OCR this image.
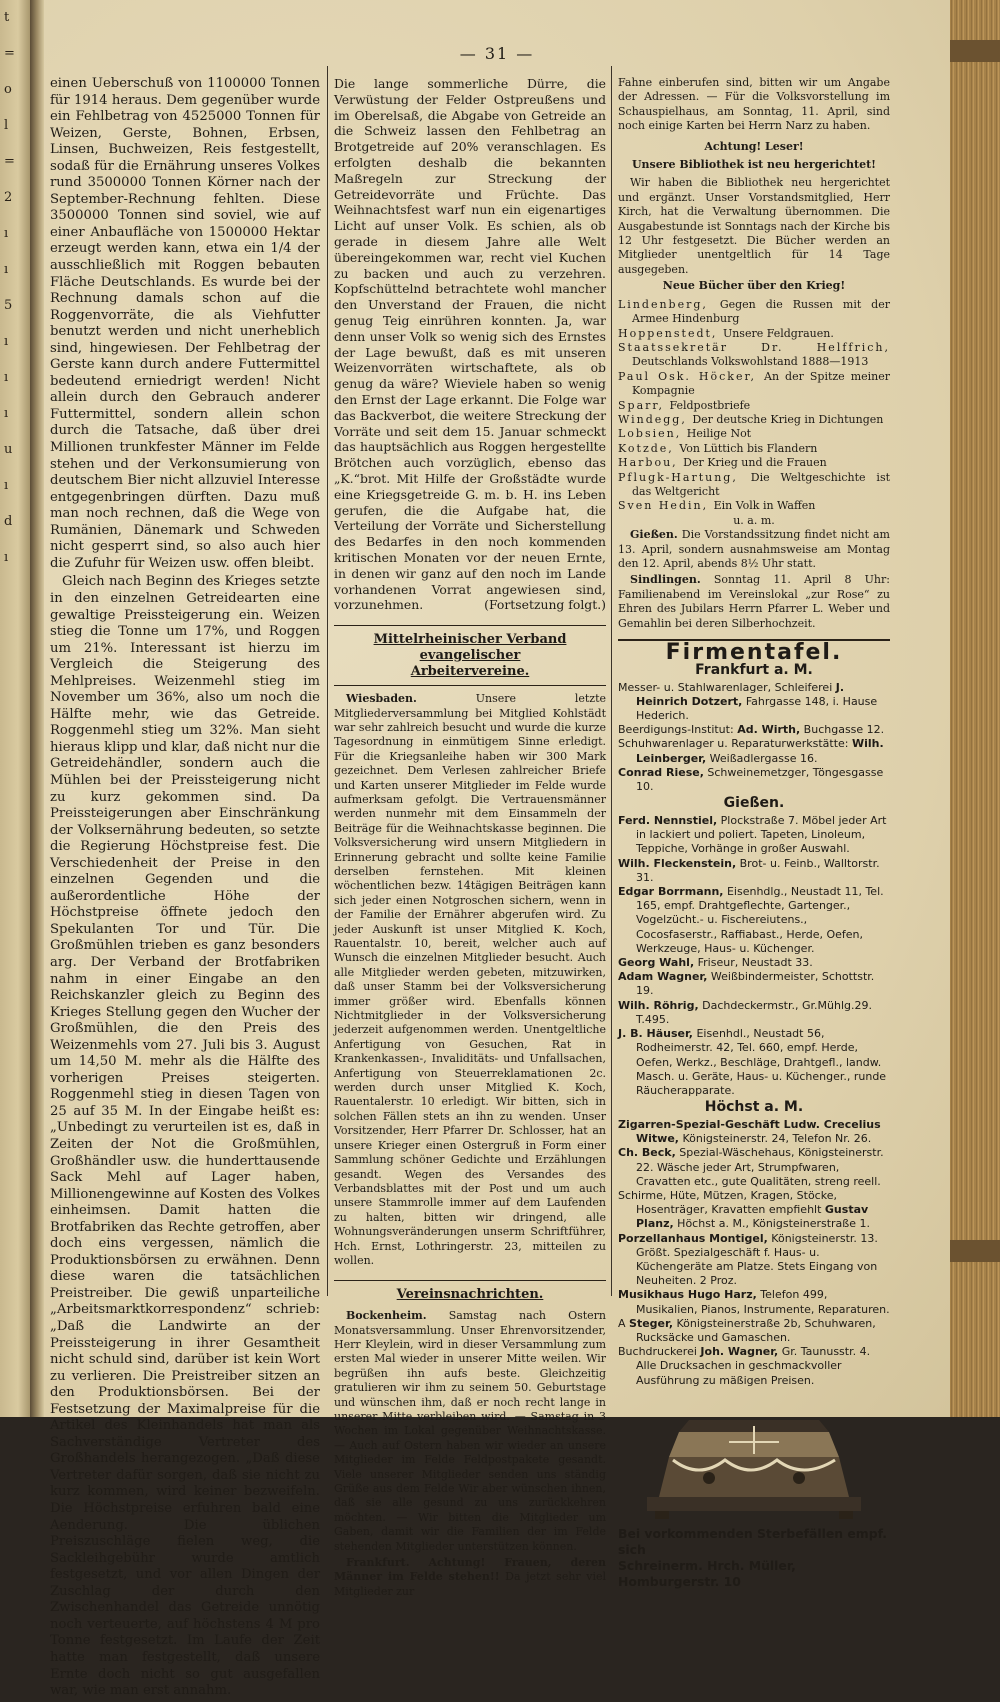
t
=
o
l
=
2
ı
ı
5
ı
ı
ı
u
ı
d
ı
— 31 —

einen Ueberschuß von 1100000 Tonnen für 1914 heraus. Dem gegenüber wurde ein Fehlbetrag von 4525000 Tonnen für Weizen, Gerste, Bohnen, Erbsen, Linsen, Buchweizen, Reis festgestellt, sodaß für die Ernährung unseres Volkes rund 3500000 Tonnen Körner nach der September-Rechnung fehlten. Diese 3500000 Tonnen sind soviel, wie auf einer Anbaufläche von 1500000 Hektar erzeugt werden kann, etwa ein 1/4 der ausschließlich mit Roggen bebauten Fläche Deutschlands. Es wurde bei der Rechnung damals schon auf die Roggenvorräte, die als Viehfutter benutzt werden und nicht unerheblich sind, hingewiesen. Der Fehlbetrag der Gerste kann durch andere Futtermittel bedeutend erniedrigt werden! Nicht allein durch den Gebrauch anderer Futtermittel, sondern allein schon durch die Tatsache, daß über drei Millionen trunkfester Männer im Felde stehen und der Verkonsumierung von deutschem Bier nicht allzuviel Interesse entgegenbringen dürften. Dazu muß man noch rechnen, daß die Wege von Rumänien, Dänemark und Schweden nicht gesperrt sind, so also auch hier die Zufuhr für Weizen usw. offen bleibt.

Gleich nach Beginn des Krieges setzte in den einzelnen Getreidearten eine gewaltige Preissteigerung ein. Weizen stieg die Tonne um 17%, und Roggen um 21%. Interessant ist hierzu im Vergleich die Steigerung des Mehlpreises. Weizenmehl stieg im November um 36%, also um noch die Hälfte mehr, wie das Getreide. Roggenmehl stieg um 32%. Man sieht hieraus klipp und klar, daß nicht nur die Getreidehändler, sondern auch die Mühlen bei der Preissteigerung nicht zu kurz gekommen sind. Da Preissteigerungen aber Einschränkung der Volksernährung bedeuten, so setzte die Regierung Höchstpreise fest. Die Verschiedenheit der Preise in den einzelnen Gegenden und die außerordentliche Höhe der Höchstpreise öffnete jedoch den Spekulanten Tor und Tür. Die Großmühlen trieben es ganz besonders arg. Der Verband der Brotfabriken nahm in einer Eingabe an den Reichskanzler gleich zu Beginn des Krieges Stellung gegen den Wucher der Großmühlen, die den Preis des Weizenmehls vom 27. Juli bis 3. August um 14,50 M. mehr als die Hälfte des vorherigen Preises steigerten. Roggenmehl stieg in diesen Tagen von 25 auf 35 M. In der Eingabe heißt es: „Unbedingt zu verurteilen ist es, daß in Zeiten der Not die Großmühlen, Großhändler usw. die hunderttausende Sack Mehl auf Lager haben, Millionengewinne auf Kosten des Volkes einheimsen. Damit hatten die Brotfabriken das Rechte getroffen, aber doch eins vergessen, nämlich die Produktionsbörsen zu erwähnen. Denn diese waren die tatsächlichen Preistreiber. Die gewiß unparteiliche „Arbeitsmarktkorrespondenz“ schrieb: „Daß die Landwirte an der Preissteigerung in ihrer Gesamtheit nicht schuld sind, darüber ist kein Wort zu verlieren. Die Preistreiber sitzen an den Produktionsbörsen. Bei der Festsetzung der Maximalpreise für die Artikel des Kleinhandels hat man als Sachverständige Vertreter des Großhandels herangezogen. „Daß diese Vertreter dafür sorgen, daß sie nicht zu kurz kommen, wird keiner bezweifeln. Die Höchstpreise erfuhren bald eine Aenderung. Die üblichen Preiszuschläge fielen weg, die Sackleihgebühr wurde amtlich festgesetzt, und vor allen Dingen der Zuschlag der durch den Zwischenhandel das Getreide unnötig noch verteuerte, auf höchstens 4 M pro Tonne festgesetzt. Im Laufe der Zeit hatte man festgestellt, daß unsere Ernte doch nicht so gut ausgefallen war, wie man erst annahm.

Die lange sommerliche Dürre, die Verwüstung der Felder Ostpreußens und im Oberelsaß, die Abgabe von Getreide an die Schweiz lassen den Fehlbetrag an Brotgetreide auf 20% veranschlagen. Es erfolgten deshalb die bekannten Maßregeln zur Streckung der Getreidevorräte und Früchte. Das Weihnachtsfest warf nun ein eigenartiges Licht auf unser Volk. Es schien, als ob gerade in diesem Jahre alle Welt übereingekommen war, recht viel Kuchen zu backen und auch zu verzehren. Kopfschüttelnd betrachtete wohl mancher den Unverstand der Frauen, die nicht genug Teig einrühren konnten. Ja, war denn unser Volk so wenig sich des Ernstes der Lage bewußt, daß es mit unseren Weizenvorräten wirtschaftete, als ob genug da wäre? Wieviele haben so wenig den Ernst der Lage erkannt. Die Folge war das Backverbot, die weitere Streckung der Vorräte und seit dem 15. Januar schmeckt das hauptsächlich aus Roggen hergestellte Brötchen auch vorzüglich, ebenso das „K.“brot. Mit Hilfe der Großstädte wurde eine Kriegsgetreide G. m. b. H. ins Leben gerufen, die die Aufgabe hat, die Verteilung der Vorräte und Sicherstellung des Bedarfes in den noch kommenden kritischen Monaten vor der neuen Ernte, in denen wir ganz auf den noch im Lande vorhandenen Vorrat angewiesen sind, vorzunehmen.	(Fortsetzung folgt.)

Mittelrheinischer Verband evangelischer
Arbeitervereine.

Wiesbaden.	Unsere letzte Mitgliederversammlung bei Mitglied Kohlstädt war sehr zahlreich besucht und wurde die kurze Tagesordnung in einmütigem Sinne erledigt. Für die Kriegsanleihe haben wir 300 Mark gezeichnet. Dem Verlesen zahlreicher Briefe und Karten unserer Mitglieder im Felde wurde aufmerksam gefolgt. Die Vertrauensmänner werden nunmehr mit dem Einsammeln der Beiträge für die Weihnachtskasse beginnen. Die Volksversicherung wird unsern Mitgliedern in Erinnerung gebracht und sollte keine Familie derselben fernstehen. Mit kleinen wöchentlichen bezw. 14tägigen Beiträgen kann sich jeder einen Notgroschen sichern, wenn in der Familie der Ernährer abgerufen wird. Zu jeder Auskunft ist unser Mitglied K. Koch, Rauentalstr. 10, bereit, welcher auch auf Wunsch die einzelnen Mitglieder besucht. Auch alle Mitglieder werden gebeten, mitzuwirken, daß unser Stamm bei der Volksversicherung immer größer wird. Ebenfalls können Nichtmitglieder in der Volksversicherung jederzeit aufgenommen werden. Unentgeltliche Anfertigung von Gesuchen, Rat in Krankenkassen-, Invaliditäts- und Unfallsachen, Anfertigung von Steuerreklamationen 2c. werden durch unser Mitglied K. Koch, Rauentalerstr. 10 erledigt. Wir bitten, sich in solchen Fällen stets an ihn zu wenden. Unser Vorsitzender, Herr Pfarrer Dr. Schlosser, hat an unsere Krieger einen Ostergruß in Form einer Sammlung schöner Gedichte und Erzählungen gesandt. Wegen des Versandes des Verbandsblattes mit der Post und um auch unsere Stammrolle immer auf dem Laufenden zu halten, bitten wir dringend, alle Wohnungsveränderungen unserm Schriftführer, Hch. Ernst, Lothringerstr. 23, mitteilen zu wollen.

Vereinsnachrichten.

Bockenheim. Samstag nach Ostern Monatsversammlung. Unser Ehrenvorsitzender, Herr Kleylein, wird in dieser Versammlung zum ersten Mal wieder in unserer Mitte weilen. Wir begrüßen ihn aufs beste. Gleichzeitig gratulieren wir ihm zu seinem 50. Geburtstage und wünschen ihm, daß er noch recht lange in unserer Mitte verbleiben wird. — Samstag in 3 Wochen im Lokal gegenüber Weihnachtskasse. — Auch auf Ostern haben wir wieder an unsere Mitglieder im Felde Feldpostpakete gesandt. Viele unserer Mitglieder senden uns ständig Grüße aus dem Felde Wir aber wünschen ihnen, daß sie alle gesund zu uns zurückkehren möchten. — Wir bitten die Mitglieder um Gaben, damit wir die Familien der im Felde stehenden Mitglieder unterstützen können.

Frankfurt. Achtung! Frauen, deren Männer im Felde stehen!! Da jetzt sehr viel Mitglieder zur

Fahne einberufen sind, bitten wir um Angabe der Adressen. — Für die Volksvorstellung im Schauspielhaus, am Sonntag, 11. April, sind noch einige Karten bei Herrn Narz zu haben.

Achtung! Leser!
Unsere Bibliothek ist neu hergerichtet!

Wir haben die Bibliothek neu hergerichtet und ergänzt. Unser Vorstandsmitglied, Herr Kirch, hat die Verwaltung übernommen. Die Ausgabestunde ist Sonntags nach der Kirche bis 12 Uhr festgesetzt. Die Bücher werden an Mitglieder unentgeltlich für 14 Tage ausgegeben.

Neue Bücher über den Krieg!

Lindenberg, Gegen die Russen mit der Armee Hindenburg

Hoppenstedt, Unsere Feldgrauen.

Staatssekretär Dr. Helffrich, Deutschlands Volkswohlstand 1888—1913

Paul Osk. Höcker, An der Spitze meiner Kompagnie

Sparr, Feldpostbriefe

Windegg, Der deutsche Krieg in Dichtungen

Lobsien, Heilige Not

Kotzde, Von Lüttich bis Flandern

Harbou, Der Krieg und die Frauen

Pflugk-Hartung, Die Weltgeschichte ist das Weltgericht

Sven Hedin, Ein Volk in Waffen

u. a. m.

Gießen. Die Vorstandssitzung findet nicht am 13. April, sondern ausnahmsweise am Montag den 12. April, abends 8½ Uhr statt.

Sindlingen. Sonntag 11. April 8 Uhr: Familienabend im Vereinslokal „zur Rose“ zu Ehren des Jubilars Herrn Pfarrer L. Weber und Gemahlin bei deren Silberhochzeit.

Firmentafel.
Frankfurt a. M.

Messer- u. Stahlwarenlager, Schleiferei J. Heinrich Dotzert, Fahrgasse 148, i. Hause Hederich.

Beerdigungs-Institut: Ad. Wirth, Buchgasse 12.

Schuhwarenlager u. Reparaturwerkstätte: Wilh. Leinberger, Weißadlergasse 16.

Conrad Riese, Schweinemetzger, Töngesgasse 10.

Gießen.

Ferd. Nennstiel, Plockstraße 7. Möbel jeder Art in lackiert und poliert. Tapeten, Linoleum, Teppiche, Vorhänge in großer Auswahl.

Wilh. Fleckenstein, Brot- u. Feinb., Walltorstr. 31.

Edgar Borrmann, Eisenhdlg., Neustadt 11, Tel. 165, empf. Drahtgeflechte, Gartenger., Vogelzücht.- u. Fischereiutens., Cocosfaserstr., Raffiabast., Herde, Oefen, Werkzeuge, Haus- u. Küchenger.

Georg Wahl, Friseur, Neustadt 33.

Adam Wagner, Weißbindermeister, Schottstr. 19.

Wilh. Röhrig, Dachdeckermstr., Gr.Mühlg.29. T.495.

J. B. Häuser, Eisenhdl., Neustadt 56, Rodheimerstr. 42, Tel. 660, empf. Herde, Oefen, Werkz., Beschläge, Drahtgefl., landw. Masch. u. Geräte, Haus- u. Küchenger., runde Räucherapparate.

Höchst a. M.

Zigarren-Spezial-Geschäft Ludw. Crecelius Witwe, Königsteinerstr. 24, Telefon Nr. 26.

Ch. Beck, Spezial-Wäschehaus, Königsteinerstr. 22. Wäsche jeder Art, Strumpfwaren, Cravatten etc., gute Qualitäten, streng reell.

Schirme, Hüte, Mützen, Kragen, Stöcke, Hosenträger, Kravatten empfiehlt Gustav Planz, Höchst a. M., Königsteinerstraße 1.

Porzellanhaus Montigel, Königsteinerstr. 13. Größt. Spezialgeschäft f. Haus- u. Küchengeräte am Platze. Stets Eingang von Neuheiten. 2 Proz.

Musikhaus Hugo Harz, Telefon 499, Musikalien, Pianos, Instrumente, Reparaturen.

A Steger, Königsteinerstraße 2b, Schuhwaren, Rucksäcke und Gamaschen.

Buchdruckerei Joh. Wagner, Gr. Taunusstr. 4. Alle Drucksachen in geschmackvoller Ausführung zu mäßigen Preisen.

Bei vorkommenden Sterbefällen empf. sich
Schreinerm. Hrch. Müller, Homburgerstr. 10
